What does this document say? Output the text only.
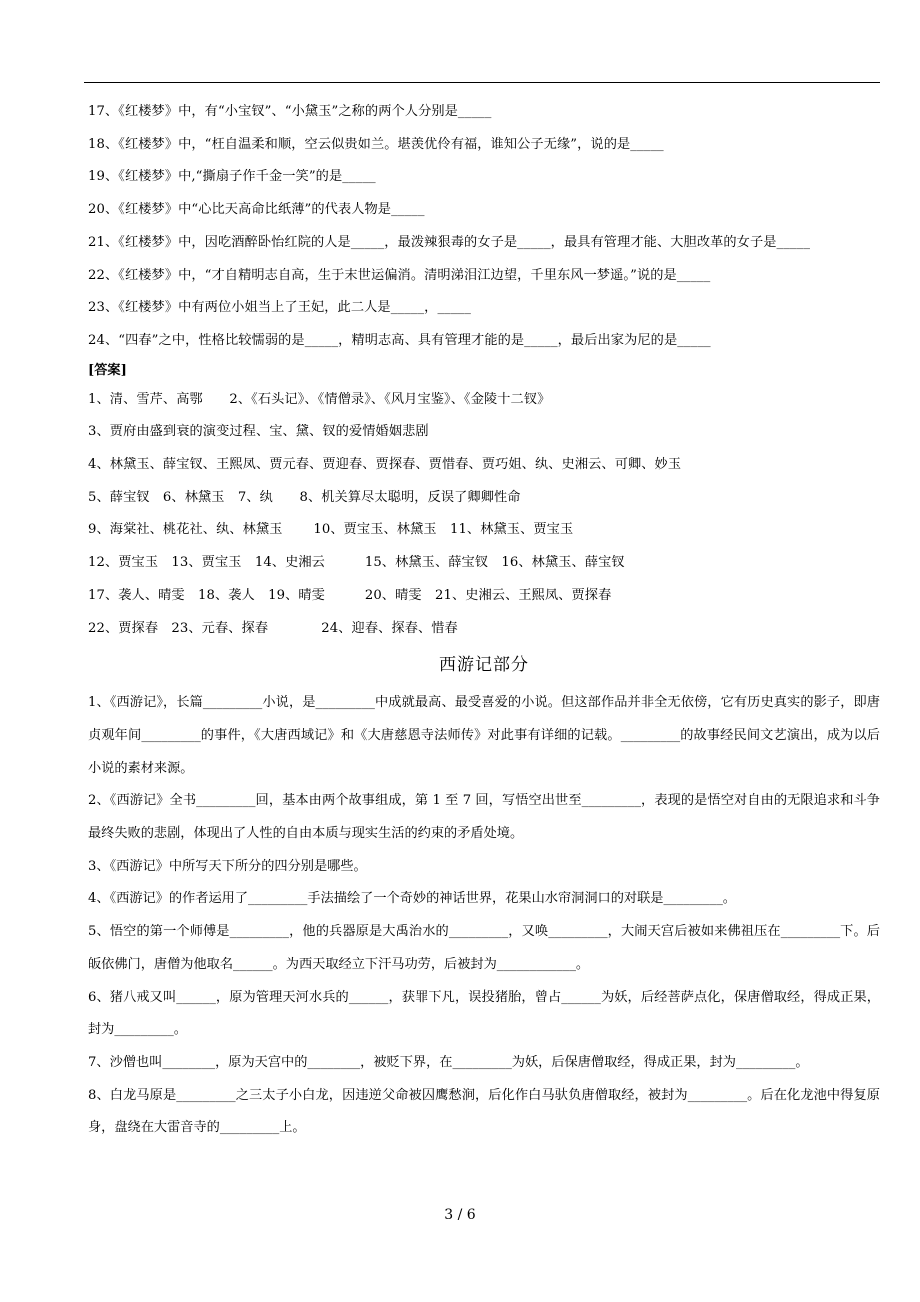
17、《红楼梦》中，有“小宝钗”、“小黛玉”之称的两个人分别是_____
18、《红楼梦》中，“枉自温柔和顺，空云似贵如兰。堪羡优伶有福，谁知公子无缘”，说的是_____
19、《红楼梦》中,“撕扇子作千金一笑”的是_____
20、《红楼梦》中“心比天高命比纸薄”的代表人物是_____
21、《红楼梦》中，因吃酒醉卧怡红院的人是_____，最泼辣狠毒的女子是_____，最具有管理才能、大胆改革的女子是_____
22、《红楼梦》中，“才自精明志自高，生于末世运偏消。清明涕泪江边望，千里东风一梦遥。”说的是_____
23、《红楼梦》中有两位小姐当上了王妃，此二人是_____，_____
24、“四春”之中，性格比较懦弱的是_____，精明志高、具有管理才能的是_____，最后出家为尼的是_____
[答案]
1、清、雪芹、高鄂　　2、《石头记》、《情僧录》、《风月宝鉴》、《金陵十二钗》
3、贾府由盛到衰的演变过程、宝、黛、钗的爱情婚姻悲剧
4、林黛玉、薛宝钗、王熙凤、贾元春、贾迎春、贾探春、贾惜春、贾巧姐、纨、史湘云、可卿、妙玉
5、薛宝钗　6、林黛玉　7、纨　　8、机关算尽太聪明，反误了卿卿性命
9、海棠社、桃花社、纨、林黛玉　　 10、贾宝玉、林黛玉　11、林黛玉、贾宝玉
12、贾宝玉　13、贾宝玉　14、史湘云　　　15、林黛玉、薛宝钗　16、林黛玉、薛宝钗
17、袭人、晴雯　18、袭人　19、晴雯　　　20、晴雯　21、史湘云、王熙凤、贾探春
22、贾探春　23、元春、探春　　　　24、迎春、探春、惜春
西游记部分
1、《西游记》，长篇_________小说，是_________中成就最高、最受喜爱的小说。但这部作品并非全无依傍，它有历史真实的影子，即唐贞观年间_________的事件，《大唐西域记》和《大唐慈恩寺法师传》对此事有详细的记载。_________的故事经民间文艺演出，成为以后小说的素材来源。
2、《西游记》全书_________回，基本由两个故事组成，第 1 至 7 回，写悟空出世至_________，表现的是悟空对自由的无限追求和斗争最终失败的悲剧，体现出了人性的自由本质与现实生活的约束的矛盾处境。
3、《西游记》中所写天下所分的四分别是哪些。
4、《西游记》的作者运用了_________手法描绘了一个奇妙的神话世界，花果山水帘洞洞口的对联是_________。
5、悟空的第一个师傅是_________，他的兵器原是大禹治水的_________，又唤_________，大闹天宫后被如来佛祖压在_________下。后皈依佛门，唐僧为他取名______。为西天取经立下汗马功劳，后被封为____________。
6、猪八戒又叫______，原为管理天河水兵的______，获罪下凡，误投猪胎，曾占______为妖，后经菩萨点化，保唐僧取经，得成正果，封为_________。
7、沙僧也叫________，原为天宫中的________，被贬下界，在_________为妖，后保唐僧取经，得成正果，封为_________。
8、白龙马原是_________之三太子小白龙，因违逆父命被囚鹰愁涧，后化作白马驮负唐僧取经，被封为_________。后在化龙池中得复原身，盘绕在大雷音寺的_________上。
3 / 6
